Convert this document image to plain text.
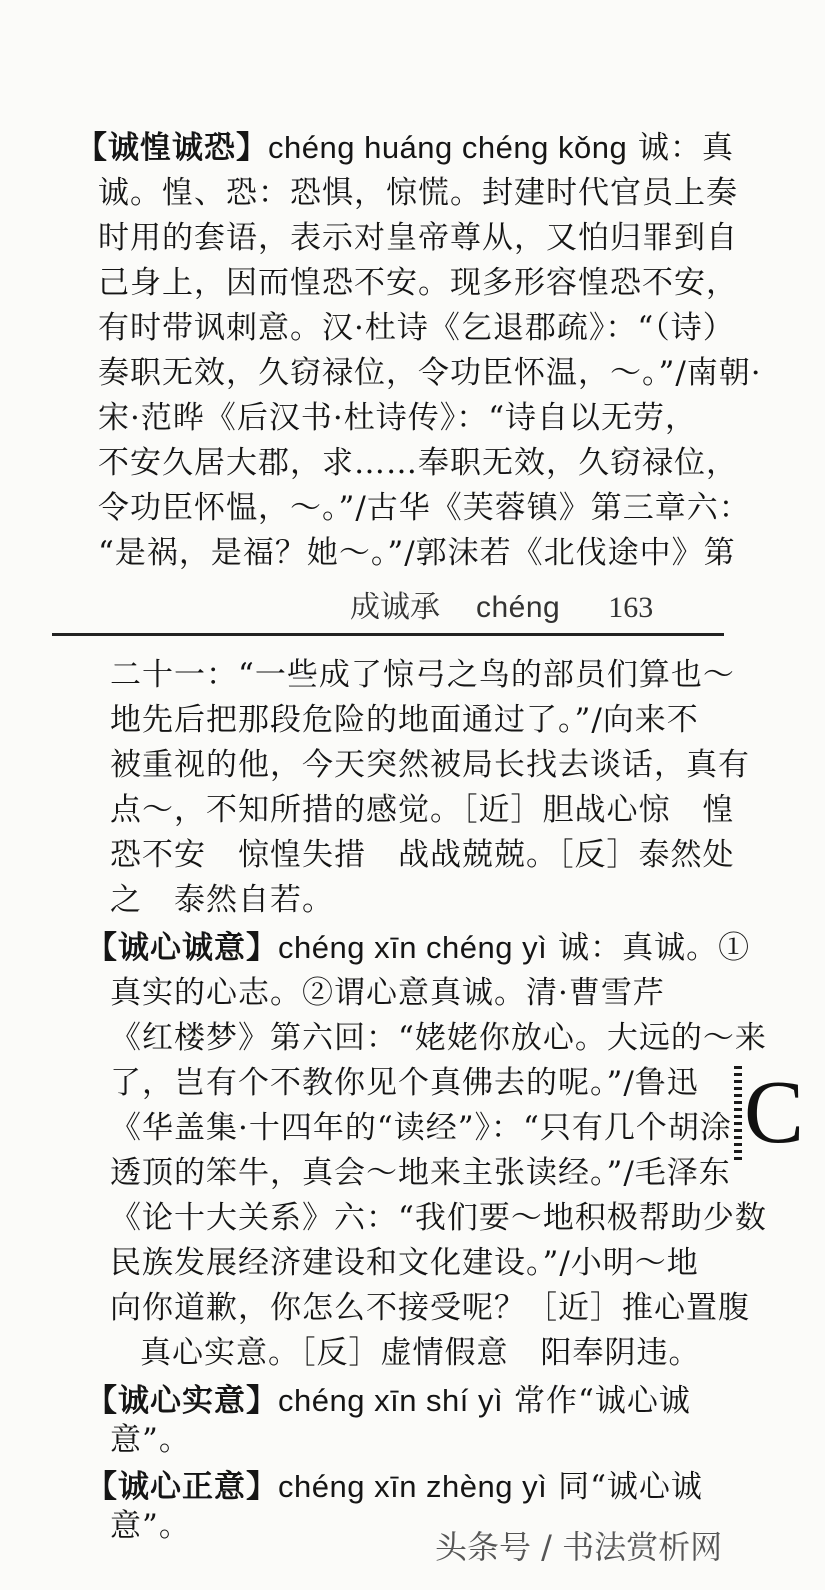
【诚惶诚恐】chéng huáng chéng kǒng 诚：真
诚。惶、恐：恐惧，惊慌。封建时代官员上奏
时用的套语，表示对皇帝尊从，又怕归罪到自
己身上，因而惶恐不安。现多形容惶恐不安，
有时带讽刺意。汉·杜诗《乞退郡疏》：“（诗）
奏职无效，久窃禄位，令功臣怀温，～。”/南朝·
宋·范晔《后汉书·杜诗传》：“诗自以无劳，
不安久居大郡，求……奉职无效，久窃禄位，
令功臣怀愠，～。”/古华《芙蓉镇》第三章六：
“是祸，是福？她～。”/郭沫若《北伐途中》第
成诚承 chéng 163
二十一：“一些成了惊弓之鸟的部员们算也～
地先后把那段危险的地面通过了。”/向来不
被重视的他，今天突然被局长找去谈话，真有
点～，不知所措的感觉。［近］胆战心惊　惶
恐不安　惊惶失措　战战兢兢。［反］泰然处
之　泰然自若。
【诚心诚意】chéng xīn chéng yì 诚：真诚。①
真实的心志。②谓心意真诚。清·曹雪芹
《红楼梦》第六回：“姥姥你放心。大远的～来
了，岂有个不教你见个真佛去的呢。”/鲁迅
《华盖集·十四年的“读经”》：“只有几个胡涂
透顶的笨牛，真会～地来主张读经。”/毛泽东
《论十大关系》六：“我们要～地积极帮助少数
民族发展经济建设和文化建设。”/小明～地
向你道歉，你怎么不接受呢？［近］推心置腹
真心实意。［反］虚情假意　阳奉阴违。
【诚心实意】chéng xīn shí yì 常作“诚心诚
意”。
【诚心正意】chéng xīn zhèng yì 同“诚心诚
意”。
C
头条号 / 书法赏析网
